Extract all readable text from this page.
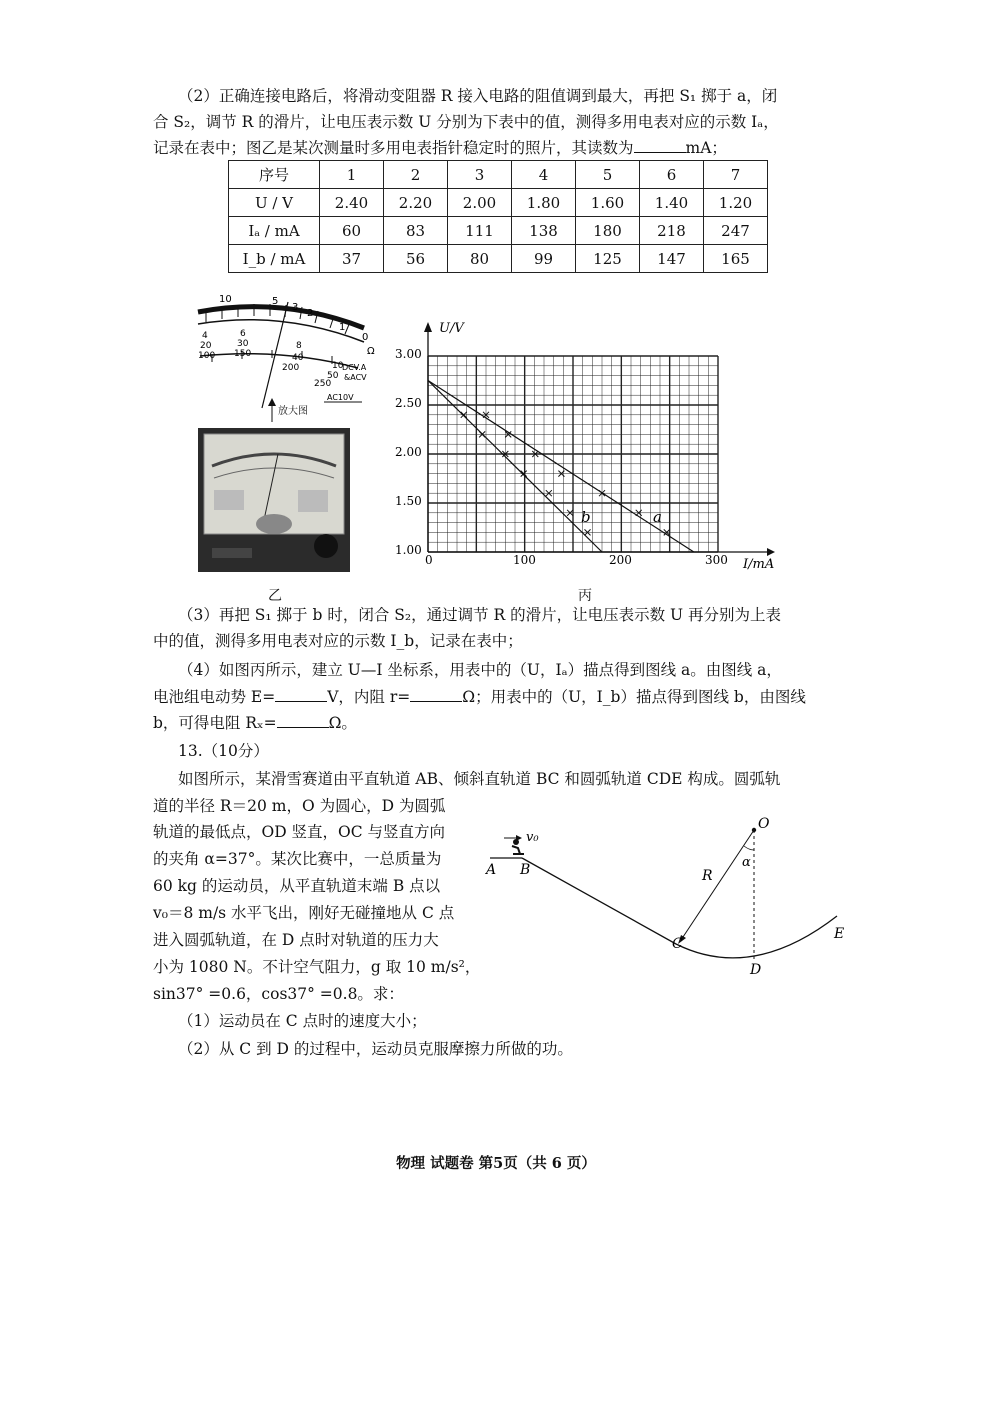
（2）正确连接电路后，将滑动变阻器 R 接入电路的阻值调到最大，再把 S₁ 掷于 a，闭
合 S₂，调节 R 的滑片，让电压表示数 U 分别为下表中的值，测得多用电表对应的示数 Iₐ，
记录在表中；图乙是某次测量时多用电表指针稳定时的照片，其读数为	mA；
序号	1	2	3	4	5	6	7
U / V	2.40	2.20	2.00	1.80	1.60	1.40	1.20
Iₐ / mA	60	83	111	138	180	218	247
I_b / mA	37	56	80	99	125	147	165
10	5
3
2
1
0
Ω
4
20
100
6
30
150
8
40
200	10
50
250
DCV.A
&ACV
AC10V
放大图
U/V
I/mA
3.00
2.50
2.00
1.50
1.00
0	100	200	300
a
b
乙	丙
（3）再把 S₁ 掷于 b 时，闭合 S₂，通过调节 R 的滑片，让电压表示数 U 再分别为上表
中的值，测得多用电表对应的示数 I_b，记录在表中；
（4）如图丙所示，建立 U—I 坐标系，用表中的（U，Iₐ）描点得到图线 a。由图线 a，
电池组电动势 E=	V，内阻 r=	Ω；用表中的（U，I_b）描点得到图线 b，由图线
b，可得电阻 Rₓ=	Ω。
13.（10分）
如图所示，某滑雪赛道由平直轨道 AB、倾斜直轨道 BC 和圆弧轨道 CDE 构成。圆弧轨
道的半径 R＝20 m，O 为圆心，D 为圆弧
轨道的最低点，OD 竖直，OC 与竖直方向
的夹角 α=37°。某次比赛中，一总质量为
60 kg 的运动员，从平直轨道末端 B 点以
v₀＝8 m/s 水平飞出，刚好无碰撞地从 C 点
进入圆弧轨道，在 D 点时对轨道的压力大
小为 1080 N。不计空气阻力，g 取 10 m/s²，
sin37° =0.6，cos37° =0.8。求：
（1）运动员在 C 点时的速度大小；
（2）从 C 到 D 的过程中，运动员克服摩擦力所做的功。
v₀
A B
C
D
E
O
R
α
物理 试题卷 第5页（共 6 页）
